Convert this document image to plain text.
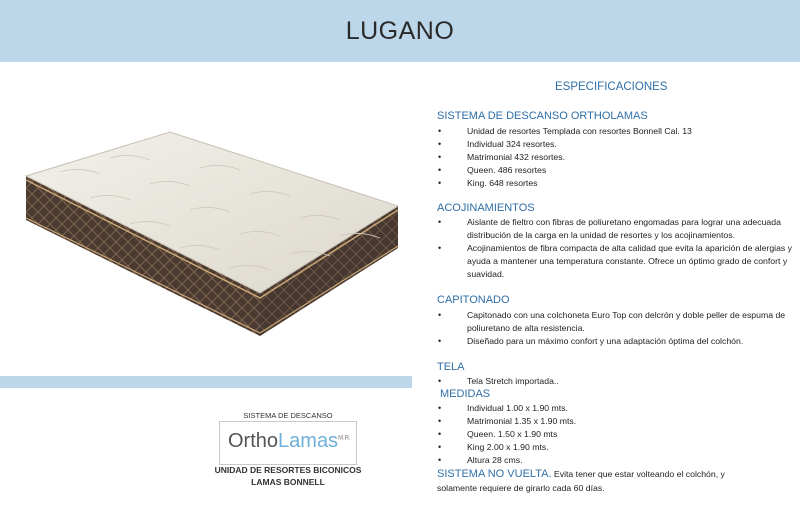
LUGANO
SISTEMA DE DESCANSO
OrthoLamas$^{M.R.}$
UNIDAD DE RESORTES BICONICOS
LAMAS BONNELL
ESPECIFICACIONES
SISTEMA DE DESCANSO ORTHOLAMAS
• Unidad de resortes Templada con resortes Bonnell Cal. 13
• Individual 324 resortes.
• Matrimonial 432 resortes.
• Queen. 486 resortes
• King. 648 resortes
ACOJINAMIENTOS
• Aislante de fieltro con fibras de poliuretano engomadas para lograr una adecuada distribución de la carga en la unidad de resortes y los acojinamientos.
• Acojinamientos de fibra compacta de alta calidad que evita la aparición de alergias y ayuda a mantener una temperatura constante. Ofrece un óptimo grado de confort y suavidad.
CAPITONADO
• Capitonado con una colchoneta Euro Top con delcrón y doble peller de espuma de poliuretano de alta resistencia.
• Diseñado para un máximo confort y una adaptación óptima del colchón.
TELA
• Tela Stretch importada..
MEDIDAS
• Individual 1.00 x 1.90 mts.
• Matrimonial 1.35 x 1.90 mts.
• Queen. 1.50 x 1.90 mts
• King 2.00 x 1.90 mts.
• Altura 28 cms.
SISTEMA NO VUELTA. Evita tener que estar volteando el colchón, y solamente requiere de girarlo cada 60 días.
